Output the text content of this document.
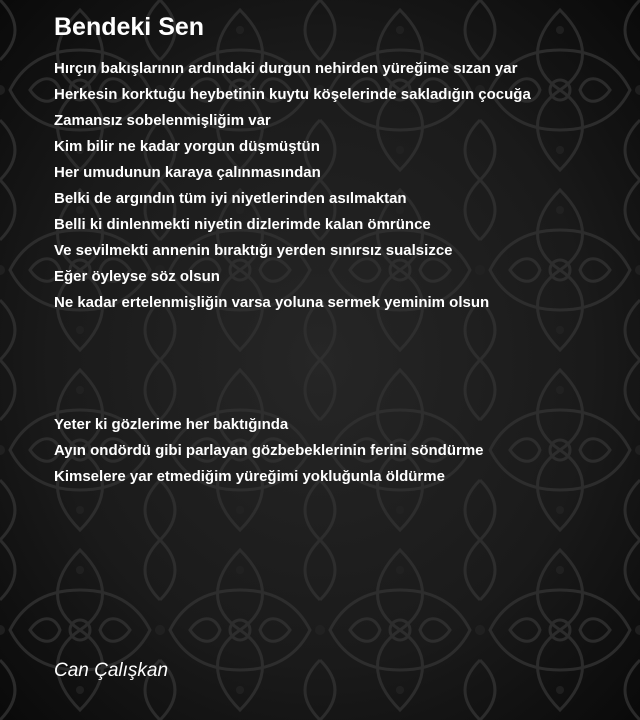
Bendeki Sen
Hırçın bakışlarının ardındaki durgun nehirden yüreğime sızan yar
Herkesin korktuğu heybetinin kuytu köşelerinde sakladığın çocuğa
Zamansız sobelenmişliğim var
Kim bilir ne kadar yorgun düşmüştün
Her umudunun karaya çalınmasından
Belki de argındın tüm iyi niyetlerinden asılmaktan
Belli ki dinlenmekti niyetin dizlerimde kalan ömrünce
Ve sevilmekti annenin bıraktığı yerden sınırsız sualsizce
Eğer öyleyse söz olsun
Ne kadar ertelenmişliğin varsa yoluna sermek yeminim olsun
Yeter ki gözlerime her baktığında
Ayın ondördü gibi parlayan gözbebeklerinin ferini söndürme
Kimselere yar etmediğim yüreğimi yokluğunla öldürme
Can Çalışkan
